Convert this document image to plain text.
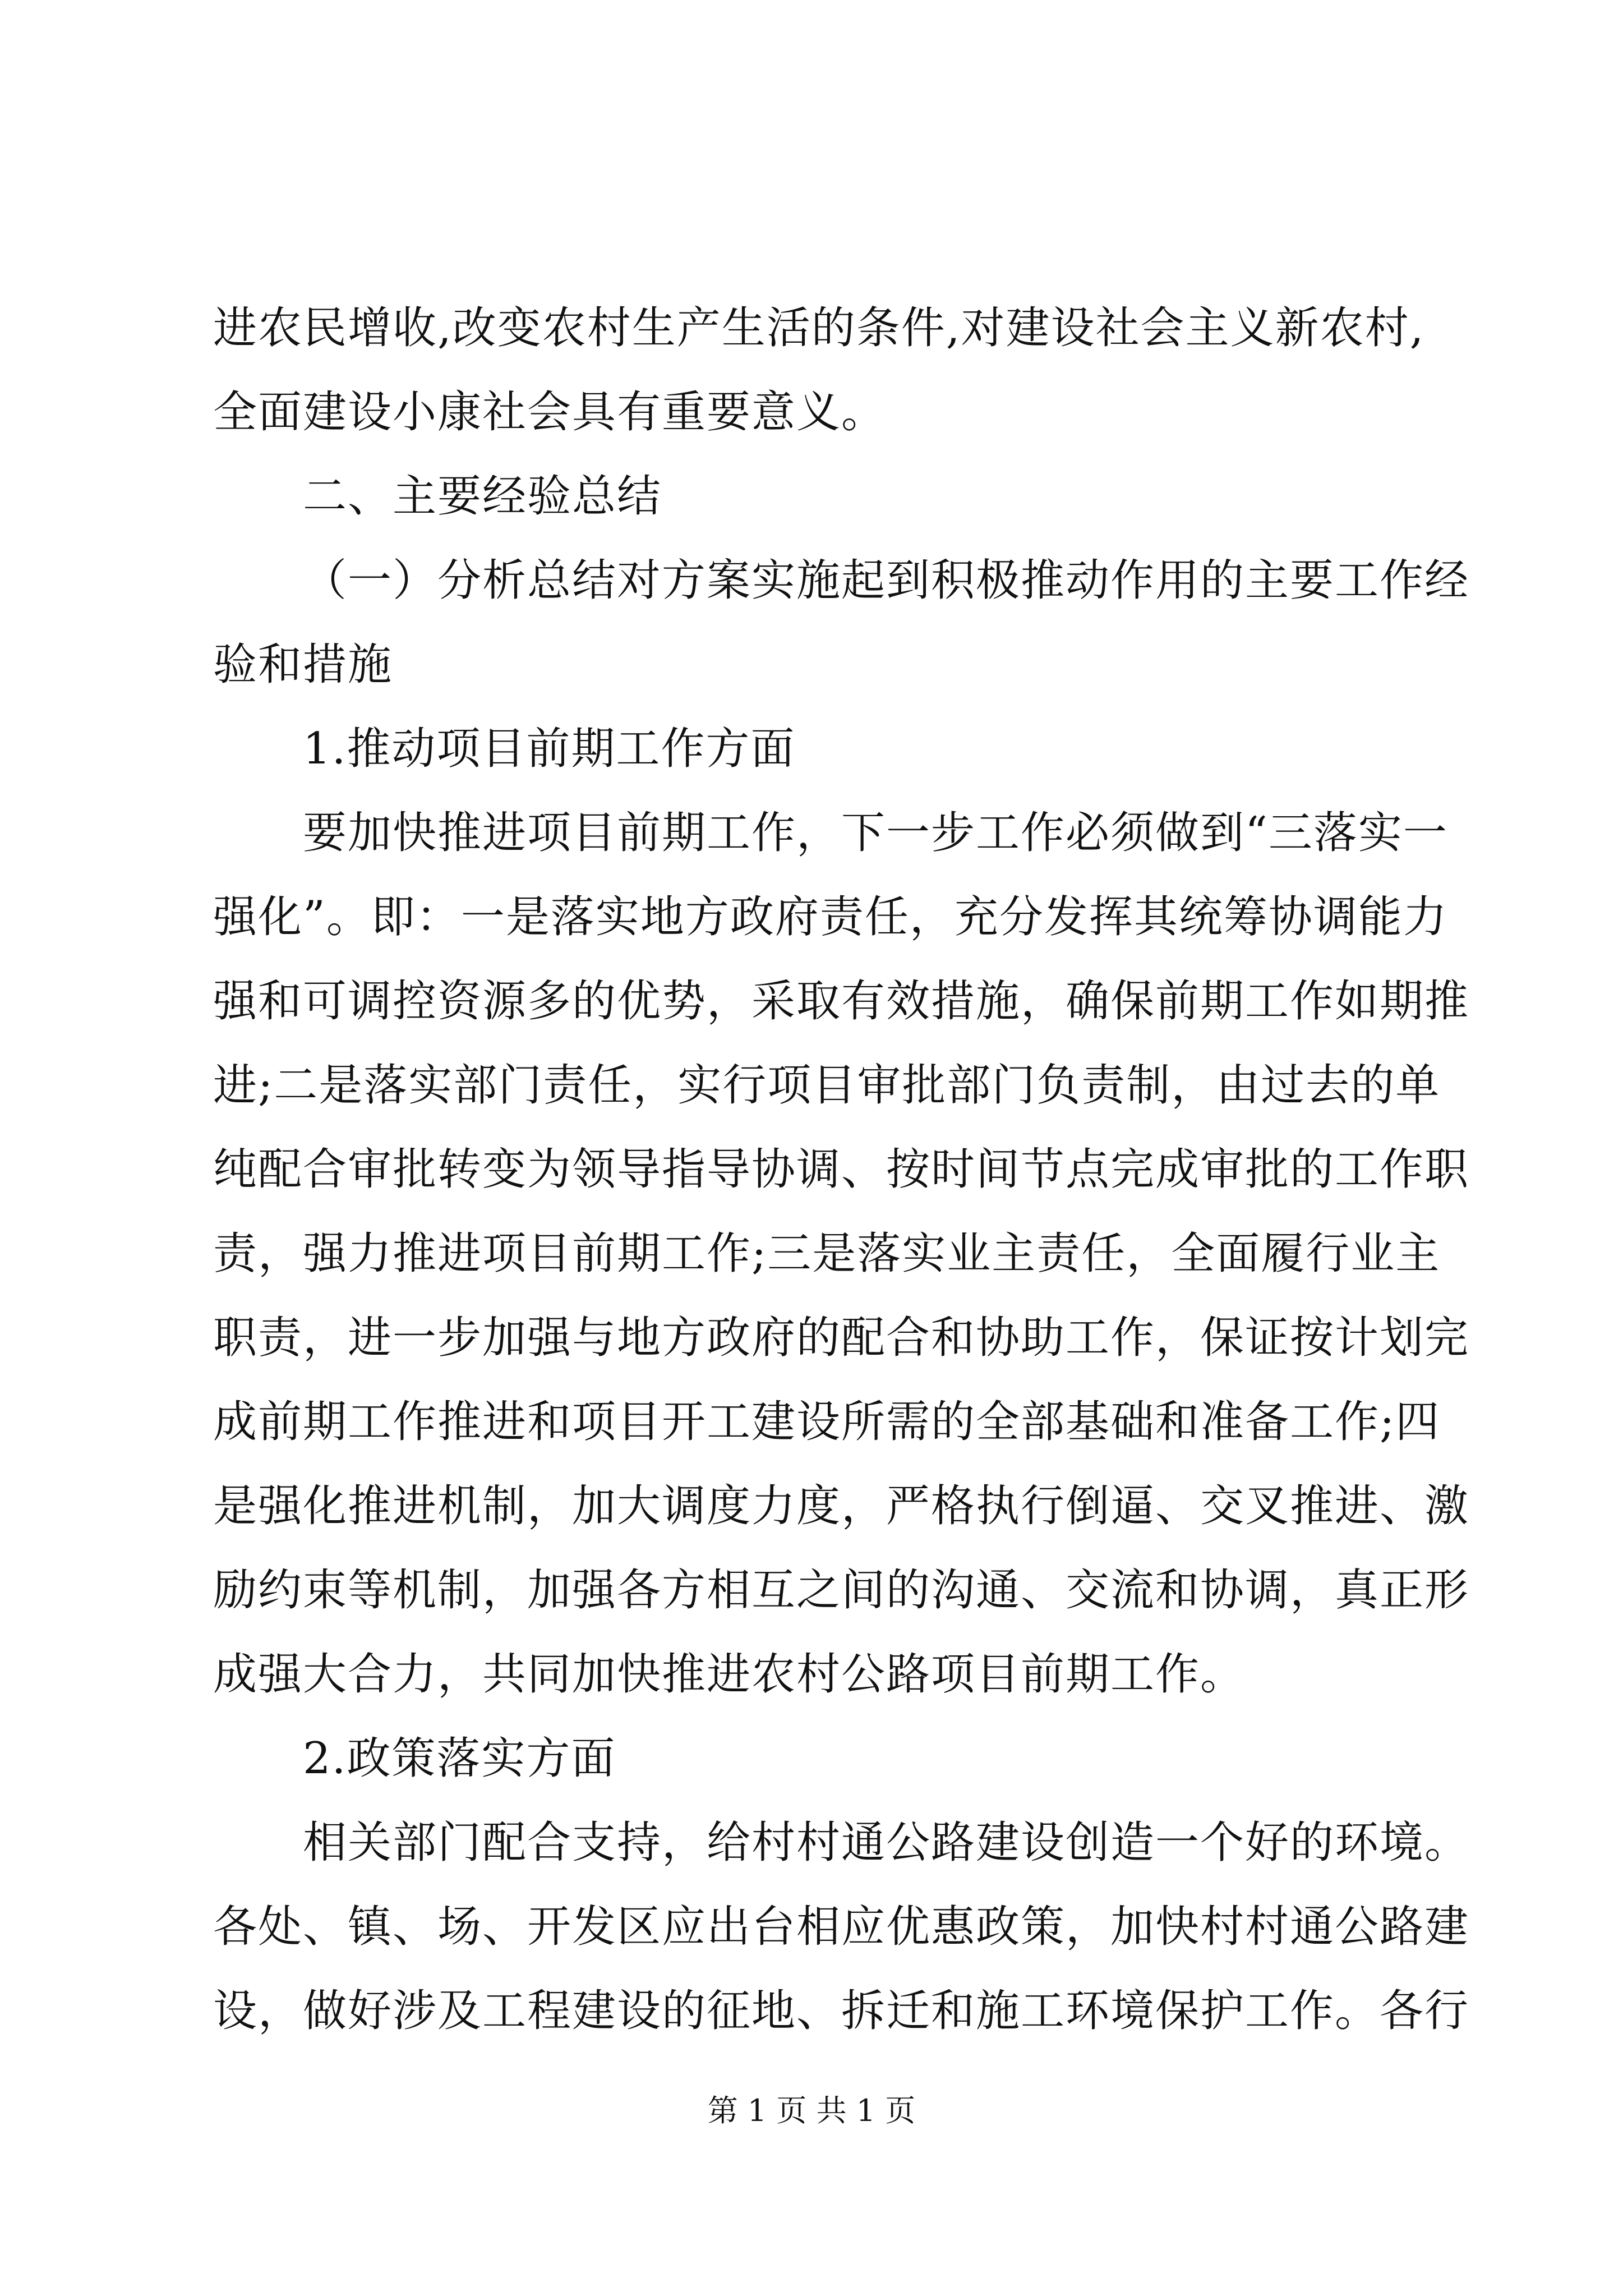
进农民增收,改变农村生产生活的条件,对建设社会主义新农村,
全面建设小康社会具有重要意义。
二、主要经验总结
（一）分析总结对方案实施起到积极推动作用的主要工作经
验和措施
1.推动项目前期工作方面
要加快推进项目前期工作，下一步工作必须做到“三落实一
强化”。即：一是落实地方政府责任，充分发挥其统筹协调能力
强和可调控资源多的优势，采取有效措施，确保前期工作如期推
进;二是落实部门责任，实行项目审批部门负责制，由过去的单
纯配合审批转变为领导指导协调、按时间节点完成审批的工作职
责，强力推进项目前期工作;三是落实业主责任，全面履行业主
职责，进一步加强与地方政府的配合和协助工作，保证按计划完
成前期工作推进和项目开工建设所需的全部基础和准备工作;四
是强化推进机制，加大调度力度，严格执行倒逼、交叉推进、激
励约束等机制，加强各方相互之间的沟通、交流和协调，真正形
成强大合力，共同加快推进农村公路项目前期工作。
2.政策落实方面
相关部门配合支持，给村村通公路建设创造一个好的环境。
各处、镇、场、开发区应出台相应优惠政策，加快村村通公路建
设，做好涉及工程建设的征地、拆迁和施工环境保护工作。各行
第 1 页 共 1 页
